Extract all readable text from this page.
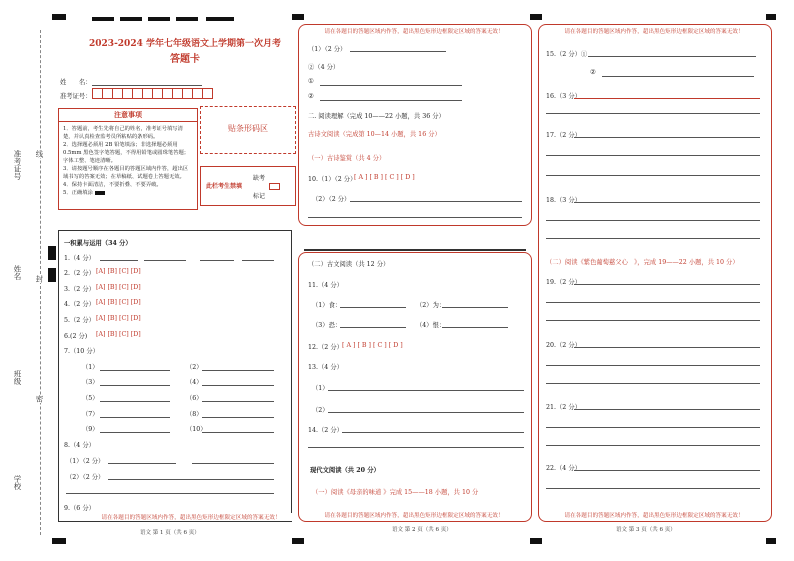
准考证号
姓名
班级
学校
线
封
密
2023-2024 学年七年级语文上学期第一次月考
答题卡
姓　　名：
准考证号：
注意事项
1．答题前，考生先将自己的姓名，准考证号填写清楚，并认真检查监考员所粘贴的条形码。
2．选择题必须用 2B 铅笔填涂；非选择题必须用 0.5mm 黑色签字笔答题，不得用铅笔或圆珠笔答题；字体工整、笔迹清晰。
3．请按题号顺序在各题目的答题区域内作答，超出区域书写的答案无效；在草稿纸、试题卷上答题无效。
4．保持卡面清洁，不要折叠、不要弄破。
5．正确填涂
贴条形码区
此栏考生禁填
缺考
标记
一积累与运用（34 分）
1.（4 分）
2.（2 分） [A] [B] [C] [D]
3.（2 分） [A] [B] [C] [D]
4.（2 分） [A] [B] [C] [D]
5.（2 分） [A] [B] [C] [D]
6.(2 分) [A] [B] [C] [D]
7.（10 分）
（1）	（2）
（3）	（4）
（5）	（6）
（7）	（8）
（9）	（10）
8.（4 分）
（1）（2 分）
（2）（2 分）
9.（6 分）
请在各题目的答题区域内作答，超出黑色矩形边框限定区域的答案无效！
语文 第 1 页（共 6 页）
请在各题目的答题区域内作答，超出黑色矩形边框限定区域的答案无效！
（1）（2 分）
②（4 分）
①
②
二. 阅读理解（完成 10——22 小题，共 36 分）
古诗文阅读（完成第 10—14 小题，共 16 分）
（一）古诗鉴赏（共 4 分）
10.（1）（2 分）
[ A ] [ B ] [ C ] [ D ]
（2）（2 分）
（二）古文阅读（共 12 分）
11.（4 分）
（1）食：	（2）为：
（3）恐：	（4）恨：
12.（2 分） [ A ] [ B ] [ C ] [ D ]
13.（4 分）
（1）
（2）
14.（2 分）
现代文阅读（共 20 分）
（一）阅读《母亲的味道 》完成 15——18 小题，共 10 分
请在各题目的答题区域内作答，超出黑色矩形边框限定区域的答案无效！
语文 第 2 页（共 6 页）
请在各题目的答题区域内作答，超出黑色矩形边框限定区域的答案无效！
15.（2 分）①
②
16.（3 分）
17.（2 分）
18.（3 分）
（二）阅读《紫色葡萄慈父心　》，完成 19——22 小题，共 10 分）
19.（2 分）
20.（2 分）
21.（2 分）
22.（4 分）
请在各题目的答题区域内作答，超出黑色矩形边框限定区域的答案无效！
语文 第 3 页（共 6 页）
